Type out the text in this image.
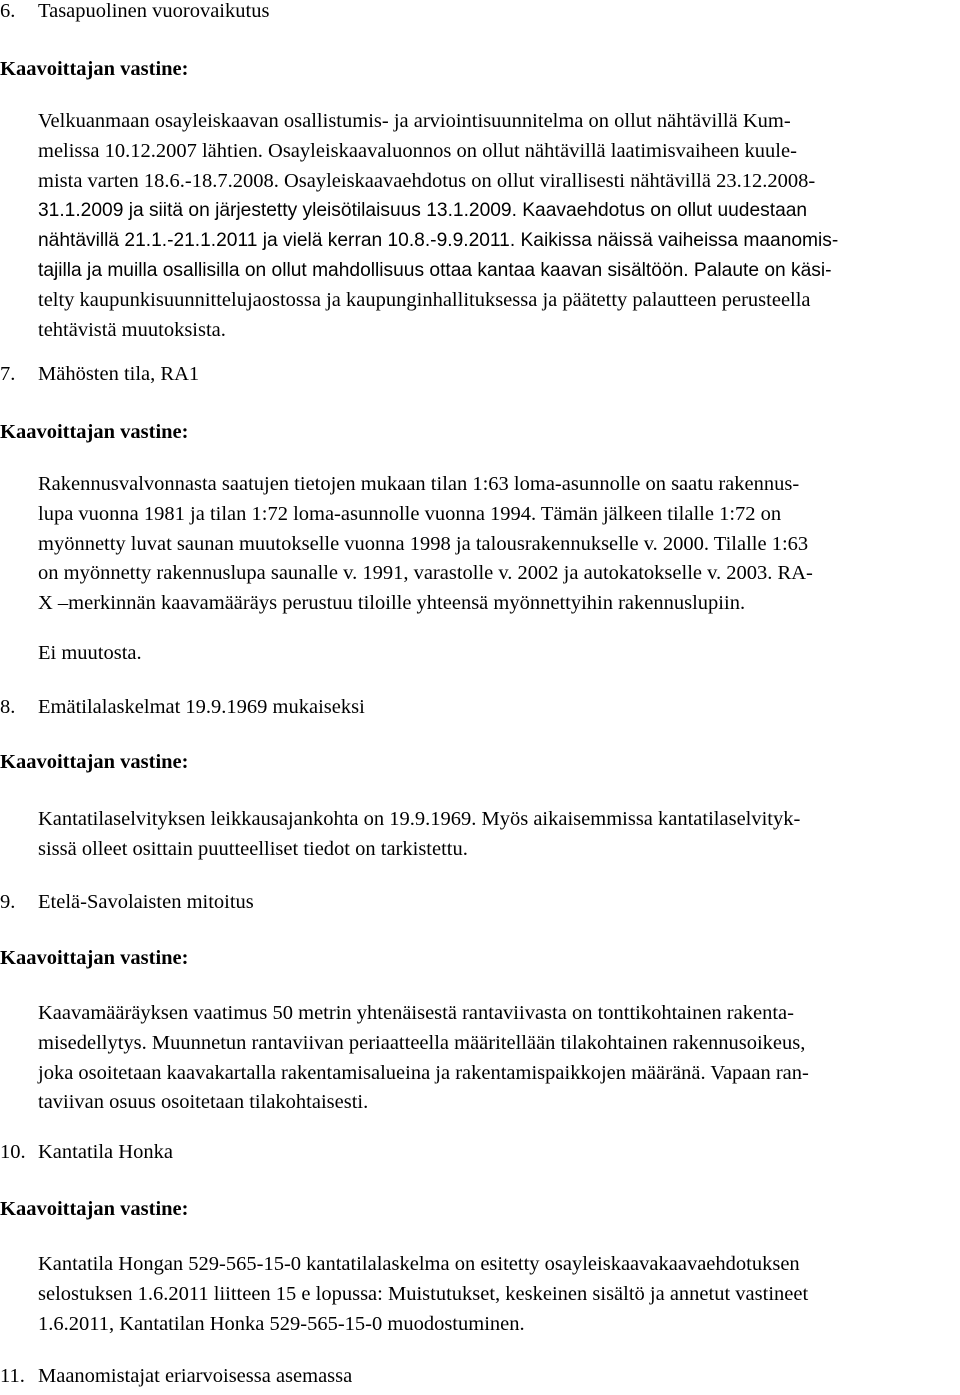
6. Tasapuolinen vuorovaikutus
Kaavoittajan vastine:
Velkuanmaan osayleiskaavan osallistumis- ja arviointisuunnitelma on ollut nähtävillä Kum-
melissa 10.12.2007 lähtien. Osayleiskaavaluonnos on ollut nähtävillä laatimisvaiheen kuule-
mista varten 18.6.-18.7.2008. Osayleiskaavaehdotus on ollut virallisesti nähtävillä 23.12.2008-
31.1.2009 ja siitä on järjestetty yleisötilaisuus 13.1.2009. Kaavaehdotus on ollut uudestaan
nähtävillä 21.1.-21.1.2011 ja vielä kerran 10.8.-9.9.2011. Kaikissa näissä vaiheissa maanomis-
tajilla ja muilla osallisilla on ollut mahdollisuus ottaa kantaa kaavan sisältöön. Palaute on käsi-
telty kaupunkisuunnittelujaostossa ja kaupunginhallituksessa ja päätetty palautteen perusteella
tehtävistä muutoksista.
7. Mähösten tila, RA1
Kaavoittajan vastine:
Rakennusvalvonnasta saatujen tietojen mukaan tilan 1:63 loma-asunnolle on saatu rakennus-
lupa vuonna 1981 ja tilan 1:72 loma-asunnolle vuonna 1994. Tämän jälkeen tilalle 1:72 on
myönnetty luvat saunan muutokselle vuonna 1998 ja talousrakennukselle v. 2000. Tilalle 1:63
on myönnetty rakennuslupa saunalle v. 1991, varastolle v. 2002 ja autokatokselle v. 2003. RA-
X –merkinnän kaavamääräys perustuu tiloille yhteensä myönnettyihin rakennuslupiin.
Ei muutosta.
8. Emätilalaskelmat 19.9.1969 mukaiseksi
Kaavoittajan vastine:
Kantatilaselvityksen leikkausajankohta on 19.9.1969. Myös aikaisemmissa kantatilaselvityk-
sissä olleet osittain puutteelliset tiedot on tarkistettu.
9. Etelä-Savolaisten mitoitus
Kaavoittajan vastine:
Kaavamääräyksen vaatimus 50 metrin yhtenäisestä rantaviivasta on tonttikohtainen rakenta-
misedellytys. Muunnetun rantaviivan periaatteella määritellään tilakohtainen rakennusoikeus,
joka osoitetaan kaavakartalla rakentamisalueina ja rakentamispaikkojen määränä. Vapaan ran-
taviivan osuus osoitetaan tilakohtaisesti.
10. Kantatila Honka
Kaavoittajan vastine:
Kantatila Hongan 529-565-15-0 kantatilalaskelma on esitetty osayleiskaavakaavaehdotuksen
selostuksen 1.6.2011 liitteen 15 e lopussa: Muistutukset, keskeinen sisältö ja annetut vastineet
1.6.2011, Kantatilan Honka 529-565-15-0 muodostuminen.
11. Maanomistajat eriarvoisessa asemassa
